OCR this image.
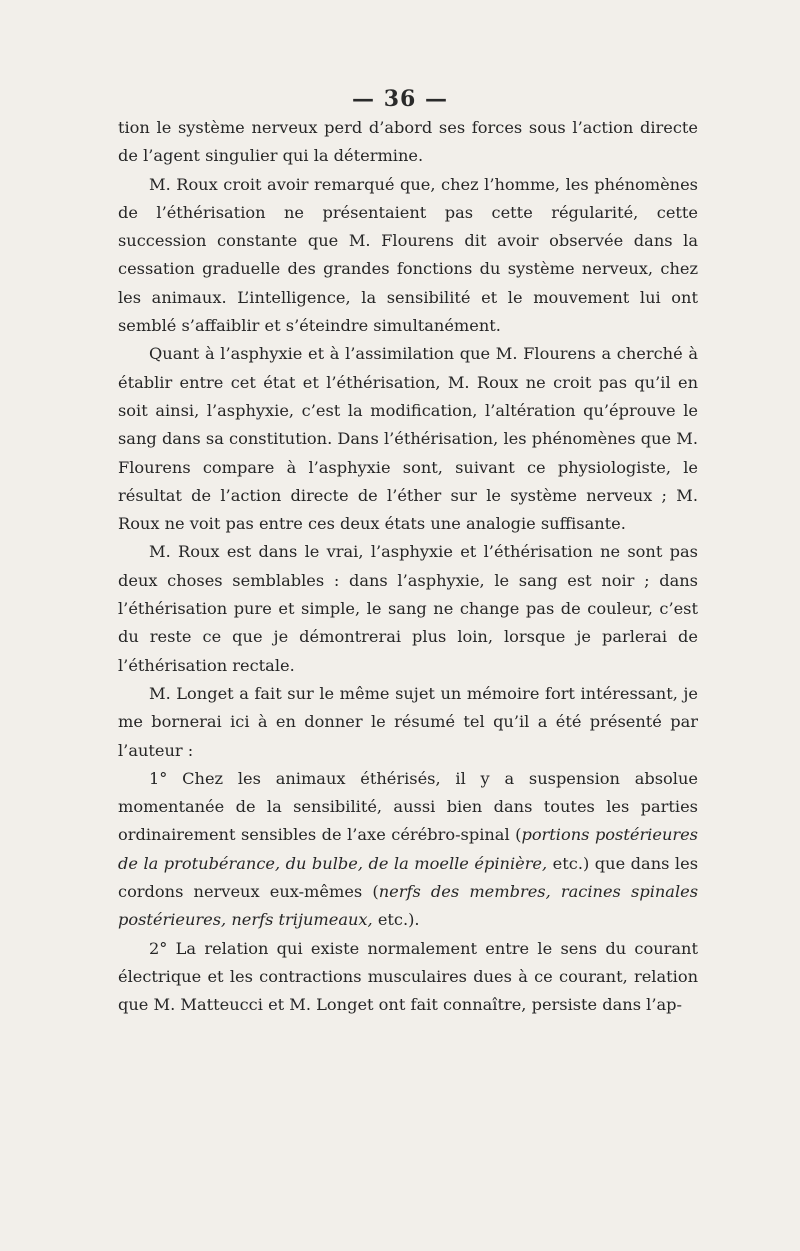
— 36 —

tion le système nerveux perd d’abord ses forces sous l’action directe de l’agent singulier qui la détermine.

M. Roux croit avoir remarqué que, chez l’homme, les phénomènes de l’éthérisation ne présentaient pas cette régularité, cette succession constante que M. Flourens dit avoir observée dans la cessation graduelle des grandes fonctions du système nerveux, chez les animaux. L’intelligence, la sensibilité et le mouvement lui ont semblé s’affaiblir et s’éteindre simultanément.

Quant à l’asphyxie et à l’assimilation que M. Flourens a cherché à établir entre cet état et l’éthérisation, M. Roux ne croit pas qu’il en soit ainsi, l’asphyxie, c’est la modification, l’altération qu’éprouve le sang dans sa constitution. Dans l’éthérisation, les phénomènes que M. Flourens compare à l’asphyxie sont, suivant ce physiologiste, le résultat de l’action directe de l’éther sur le système nerveux ; M. Roux ne voit pas entre ces deux états une analogie suffisante.

M. Roux est dans le vrai, l’asphyxie et l’éthérisation ne sont pas deux choses semblables : dans l’asphyxie, le sang est noir ; dans l’éthérisation pure et simple, le sang ne change pas de couleur, c’est du reste ce que je démontrerai plus loin, lorsque je parlerai de l’éthérisation rectale.

M. Longet a fait sur le même sujet un mémoire fort intéressant, je me bornerai ici à en donner le résumé tel qu’il a été présenté par l’auteur :

1° Chez les animaux éthérisés, il y a suspension absolue momentanée de la sensibilité, aussi bien dans toutes les parties ordinairement sensibles de l’axe cérébro-spinal (portions postérieures de la protubérance, du bulbe, de la moelle épinière, etc.) que dans les cordons nerveux eux-mêmes (nerfs des membres, racines spinales postérieures, nerfs trijumeaux, etc.).

2° La relation qui existe normalement entre le sens du courant électrique et les contractions musculaires dues à ce courant, relation que M. Matteucci et M. Longet ont fait connaître, persiste dans l’ap-
